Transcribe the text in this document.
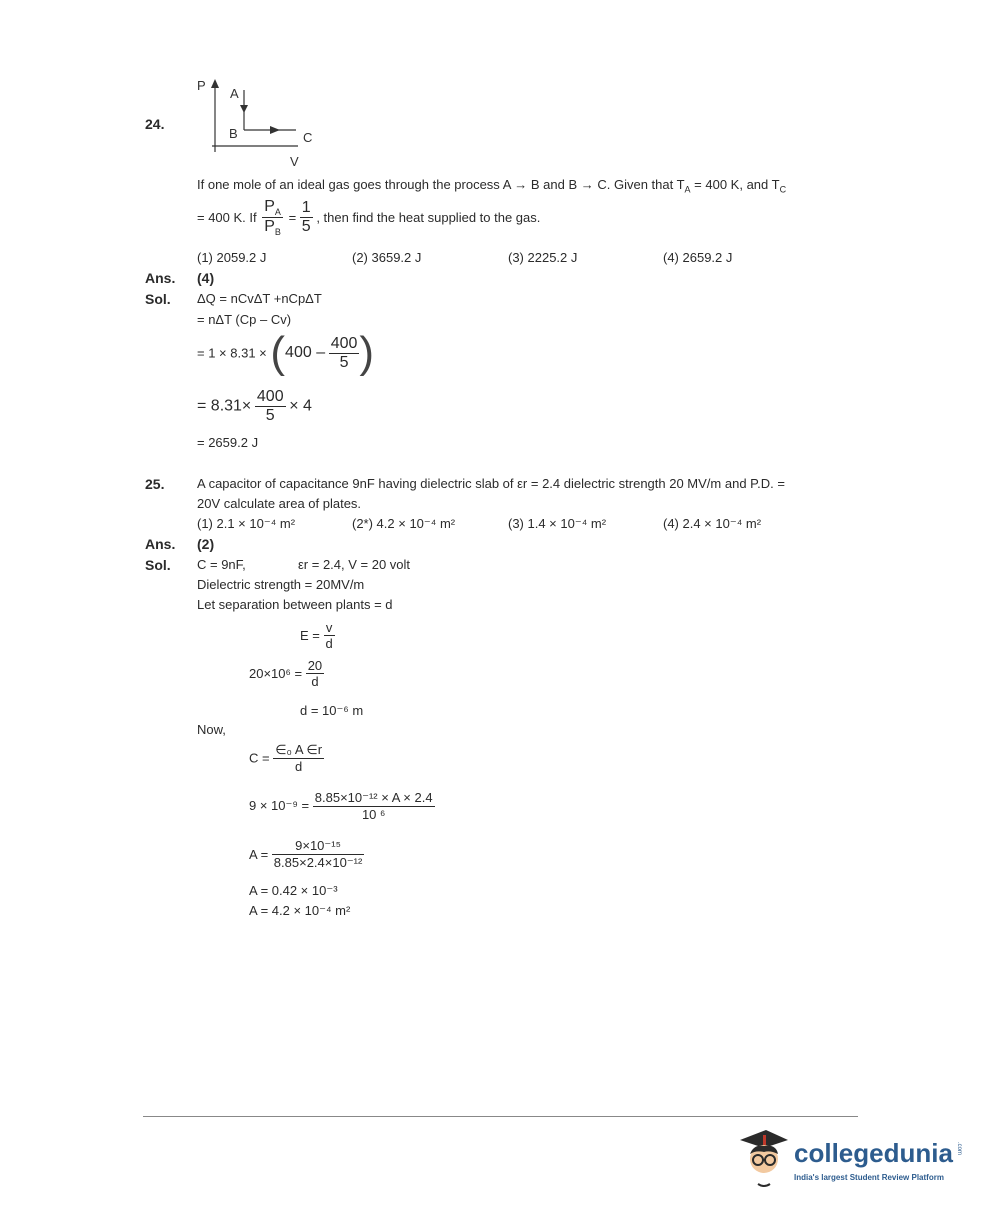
24.
P
A
B	C
V
If one mole of an ideal gas goes through the process A → B and B → C. Given that $T_A = 400$ K, and $T_C$
= 400 K. If $\frac{P_A}{P_B} = \frac{1}{5}$ , then find the heat supplied to the gas.
(1) 2059.2 J	(2) 3659.2 J	(3) 2225.2 J	(4) 2659.2 J
Ans. (4)
Sol. ΔQ = nCvΔT +nCpΔT
= nΔT (Cp – Cv)
= $1 \times 8.31 \times (400 - \frac{400}{5}$ )
= $8.31\times \frac{400}{5} \times 4$
= 2659.2 J
25.	A capacitor of capacitance 9nF having dielectric slab of εr = 2.4 dielectric strength 20 MV/m and P.D. =
20V calculate area of plates.
(1) 2.1 × 10⁻⁴ m²	(2*) 4.2 × 10⁻⁴ m²	(3) 1.4 × 10⁻⁴ m²	(4) 2.4 × 10⁻⁴ m²
Ans. (2)
Sol. C = 9nF,	εr = 2.4, V = 20 volt
Dielectric strength = 20MV/m
Let separation between plants = d
$E = \frac{v}{d}$
$20\times 10^6 = \frac{20}{d}$
d = 10⁻⁶ m
Now,
$C = \frac{\text{∈₀ A ∈r}}{d}$
$9 \times 10^{-9} = \frac{\text{8.85×10⁻¹² × A × 2.4}}{\text{10 ⁶}}$
$A = \frac{\text{9×10⁻¹⁵}}{\text{8.85×2.4×10⁻¹²}}$
A = 0.42 × 10⁻³
A = 4.2 × 10⁻⁴ m²
collegedunia .com
India's largest Student Review Platform
